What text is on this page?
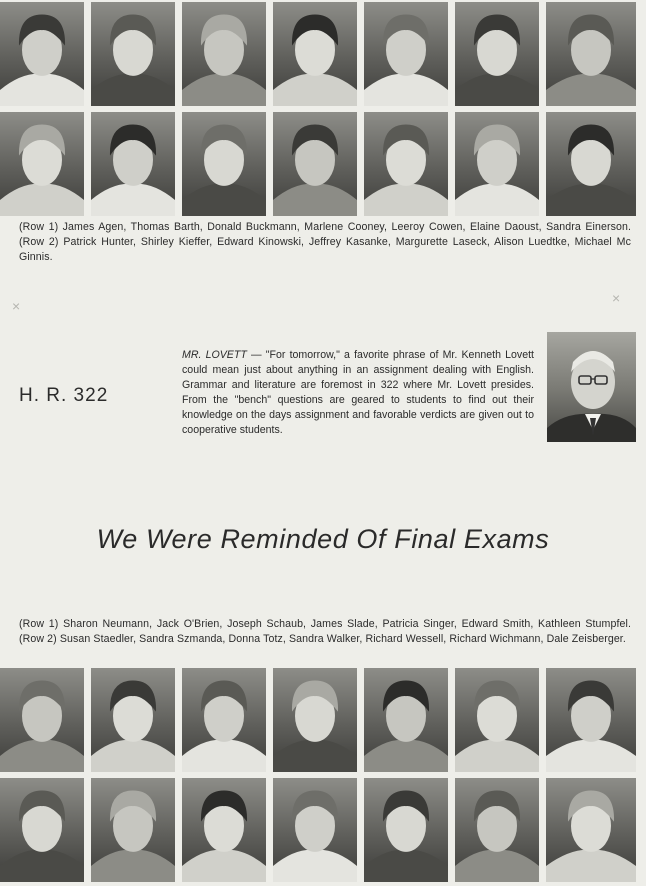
(Row 1) James Agen, Thomas Barth, Donald Buckmann, Marlene Cooney, Leeroy Cowen, Elaine Daoust, Sandra Einerson. (Row 2) Patrick Hunter, Shirley Kieffer, Edward Kinowski, Jeffrey Kasanke, Margurette Laseck, Alison Luedtke, Michael Mc Ginnis.
×	×
H. R. 322
MR. LOVETT — "For tomorrow," a favorite phrase of Mr. Kenneth Lovett could mean just about anything in an assignment dealing with English. Grammar and literature are foremost in 322 where Mr. Lovett presides. From the "bench" questions are geared to students to find out their knowledge on the days assignment and favorable verdicts are given out to cooperative students.
We Were Reminded Of Final Exams
(Row 1) Sharon Neumann, Jack O'Brien, Joseph Schaub, James Slade, Patricia Singer, Edward Smith, Kathleen Stumpfel. (Row 2) Susan Staedler, Sandra Szmanda, Donna Totz, Sandra Walker, Richard Wessell, Richard Wichmann, Dale Zeisberger.
